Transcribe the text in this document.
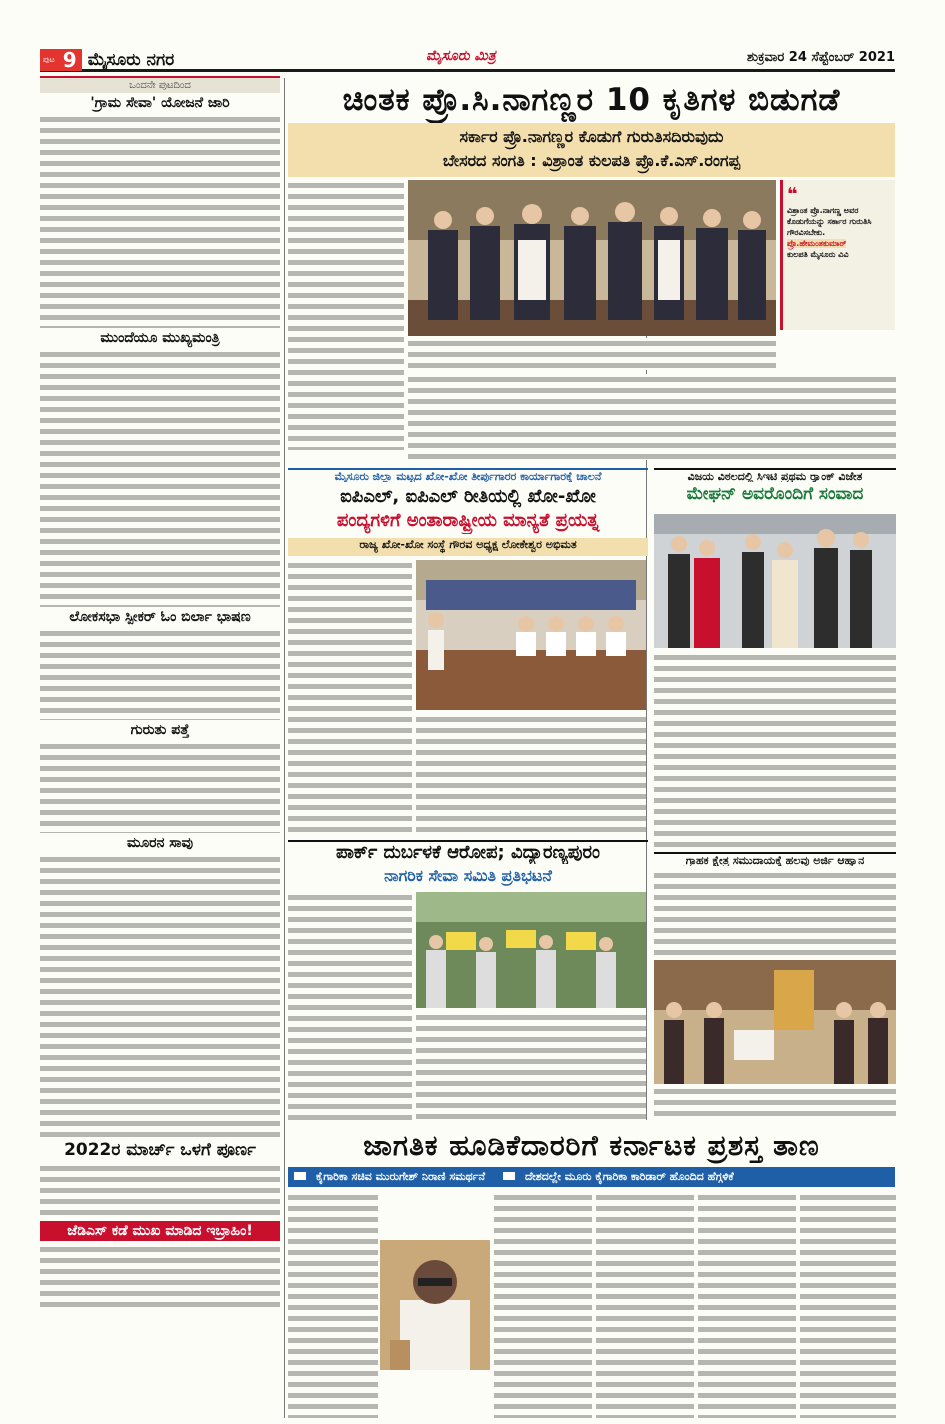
ಪುಟ 9 ಮೈಸೂರು ನಗರ	ಮೈಸೂರು ಮಿತ್ರ	ಶುಕ್ರವಾರ 24 ಸೆಪ್ಟೆಂಬರ್ 2021
ಒಂದನೇ ಪುಟದಿಂದ
'ಗ್ರಾಮ ಸೇವಾ' ಯೋಜನೆ ಜಾರಿ
ಮುಂದೆಯೂ ಮುಖ್ಯಮಂತ್ರಿ
ಲೋಕಸಭಾ ಸ್ಪೀಕರ್ ಓಂ ಬಿರ್ಲಾ ಭಾಷಣ
ಗುರುತು ಪತ್ತೆ
ಮೂರನ ಸಾವು
2022ರ ಮಾರ್ಚ್ ಒಳಗೆ ಪೂರ್ಣ
ಜೆಡಿಎಸ್ ಕಡೆ ಮುಖ ಮಾಡಿದ ಇಬ್ರಾಹಿಂ!
ಚಿಂತಕ ಪ್ರೊ.ಸಿ.ನಾಗಣ್ಣರ 10 ಕೃತಿಗಳ ಬಿಡುಗಡೆ
ಸರ್ಕಾರ ಪ್ರೊ.ನಾಗಣ್ಣರ ಕೊಡುಗೆ ಗುರುತಿಸದಿರುವುದು
ಬೇಸರದ ಸಂಗತಿ : ವಿಶ್ರಾಂತ ಕುಲಪತಿ ಪ್ರೊ.ಕೆ.ಎಸ್.ರಂಗಪ್ಪ
❝

ವಿಶ್ರಾಂತ ಪ್ರೊ.ನಾಗಣ್ಣ ಅವರ ಕೊಡುಗೆಯನ್ನು ಸರ್ಕಾರ ಗುರುತಿಸಿ ಗೌರವಿಸಬೇಕು.

ಪ್ರೊ.ಹೇಮಂತಕುಮಾರ್

ಕುಲಪತಿ ಮೈಸೂರು ವಿವಿ

ಮೈಸೂರು ಜಿಲ್ಲಾ ಮಟ್ಟದ ಖೋ-ಖೋ ತೀರ್ಪುಗಾರರ ಕಾರ್ಯಾಗಾರಕ್ಕೆ ಚಾಲನೆ
ಐಪಿಎಲ್, ಐಪಿಎಲ್ ರೀತಿಯಲ್ಲಿ ಖೋ-ಖೋ
ಪಂದ್ಯಗಳಿಗೆ ಅಂತಾರಾಷ್ಟ್ರೀಯ ಮಾನ್ಯತೆ ಪ್ರಯತ್ನ
ರಾಜ್ಯ ಖೋ-ಖೋ ಸಂಸ್ಥೆ ಗೌರವ ಅಧ್ಯಕ್ಷ ಲೋಕೇಶ್ವರ ಅಭಿಮತ
ವಿಜಯ ವಿಠಲದಲ್ಲಿ ಸಿಇಟಿ ಪ್ರಥಮ ರ್‍ಯಾಂಕ್ ವಿಜೇತ
ಮೇಘನ್ ಅವರೊಂದಿಗೆ ಸಂವಾದ
ಪಾರ್ಕ್ ದುರ್ಬಳಕೆ ಆರೋಪ; ವಿದ್ಯಾರಣ್ಯಪುರಂ
ನಾಗರಿಕ ಸೇವಾ ಸಮಿತಿ ಪ್ರತಿಭಟನೆ
ಗ್ರಾಹಕ ಕ್ಷೇತ್ರ ಸಮುದಾಯಕ್ಕೆ ಹಲವು ಅರ್ಜಿ ಆಹ್ವಾನ
ಜಾಗತಿಕ ಹೂಡಿಕೆದಾರರಿಗೆ ಕರ್ನಾಟಕ ಪ್ರಶಸ್ತ ತಾಣ
ಕೈಗಾರಿಕಾ ಸಚಿವ ಮುರುಗೇಶ್ ನಿರಾಣಿ ಸಮರ್ಥನೆ	ದೇಶದಲ್ಲೇ ಮೂರು ಕೈಗಾರಿಕಾ ಕಾರಿಡಾರ್ ಹೊಂದಿದ ಹೆಗ್ಗಳಿಕೆ
